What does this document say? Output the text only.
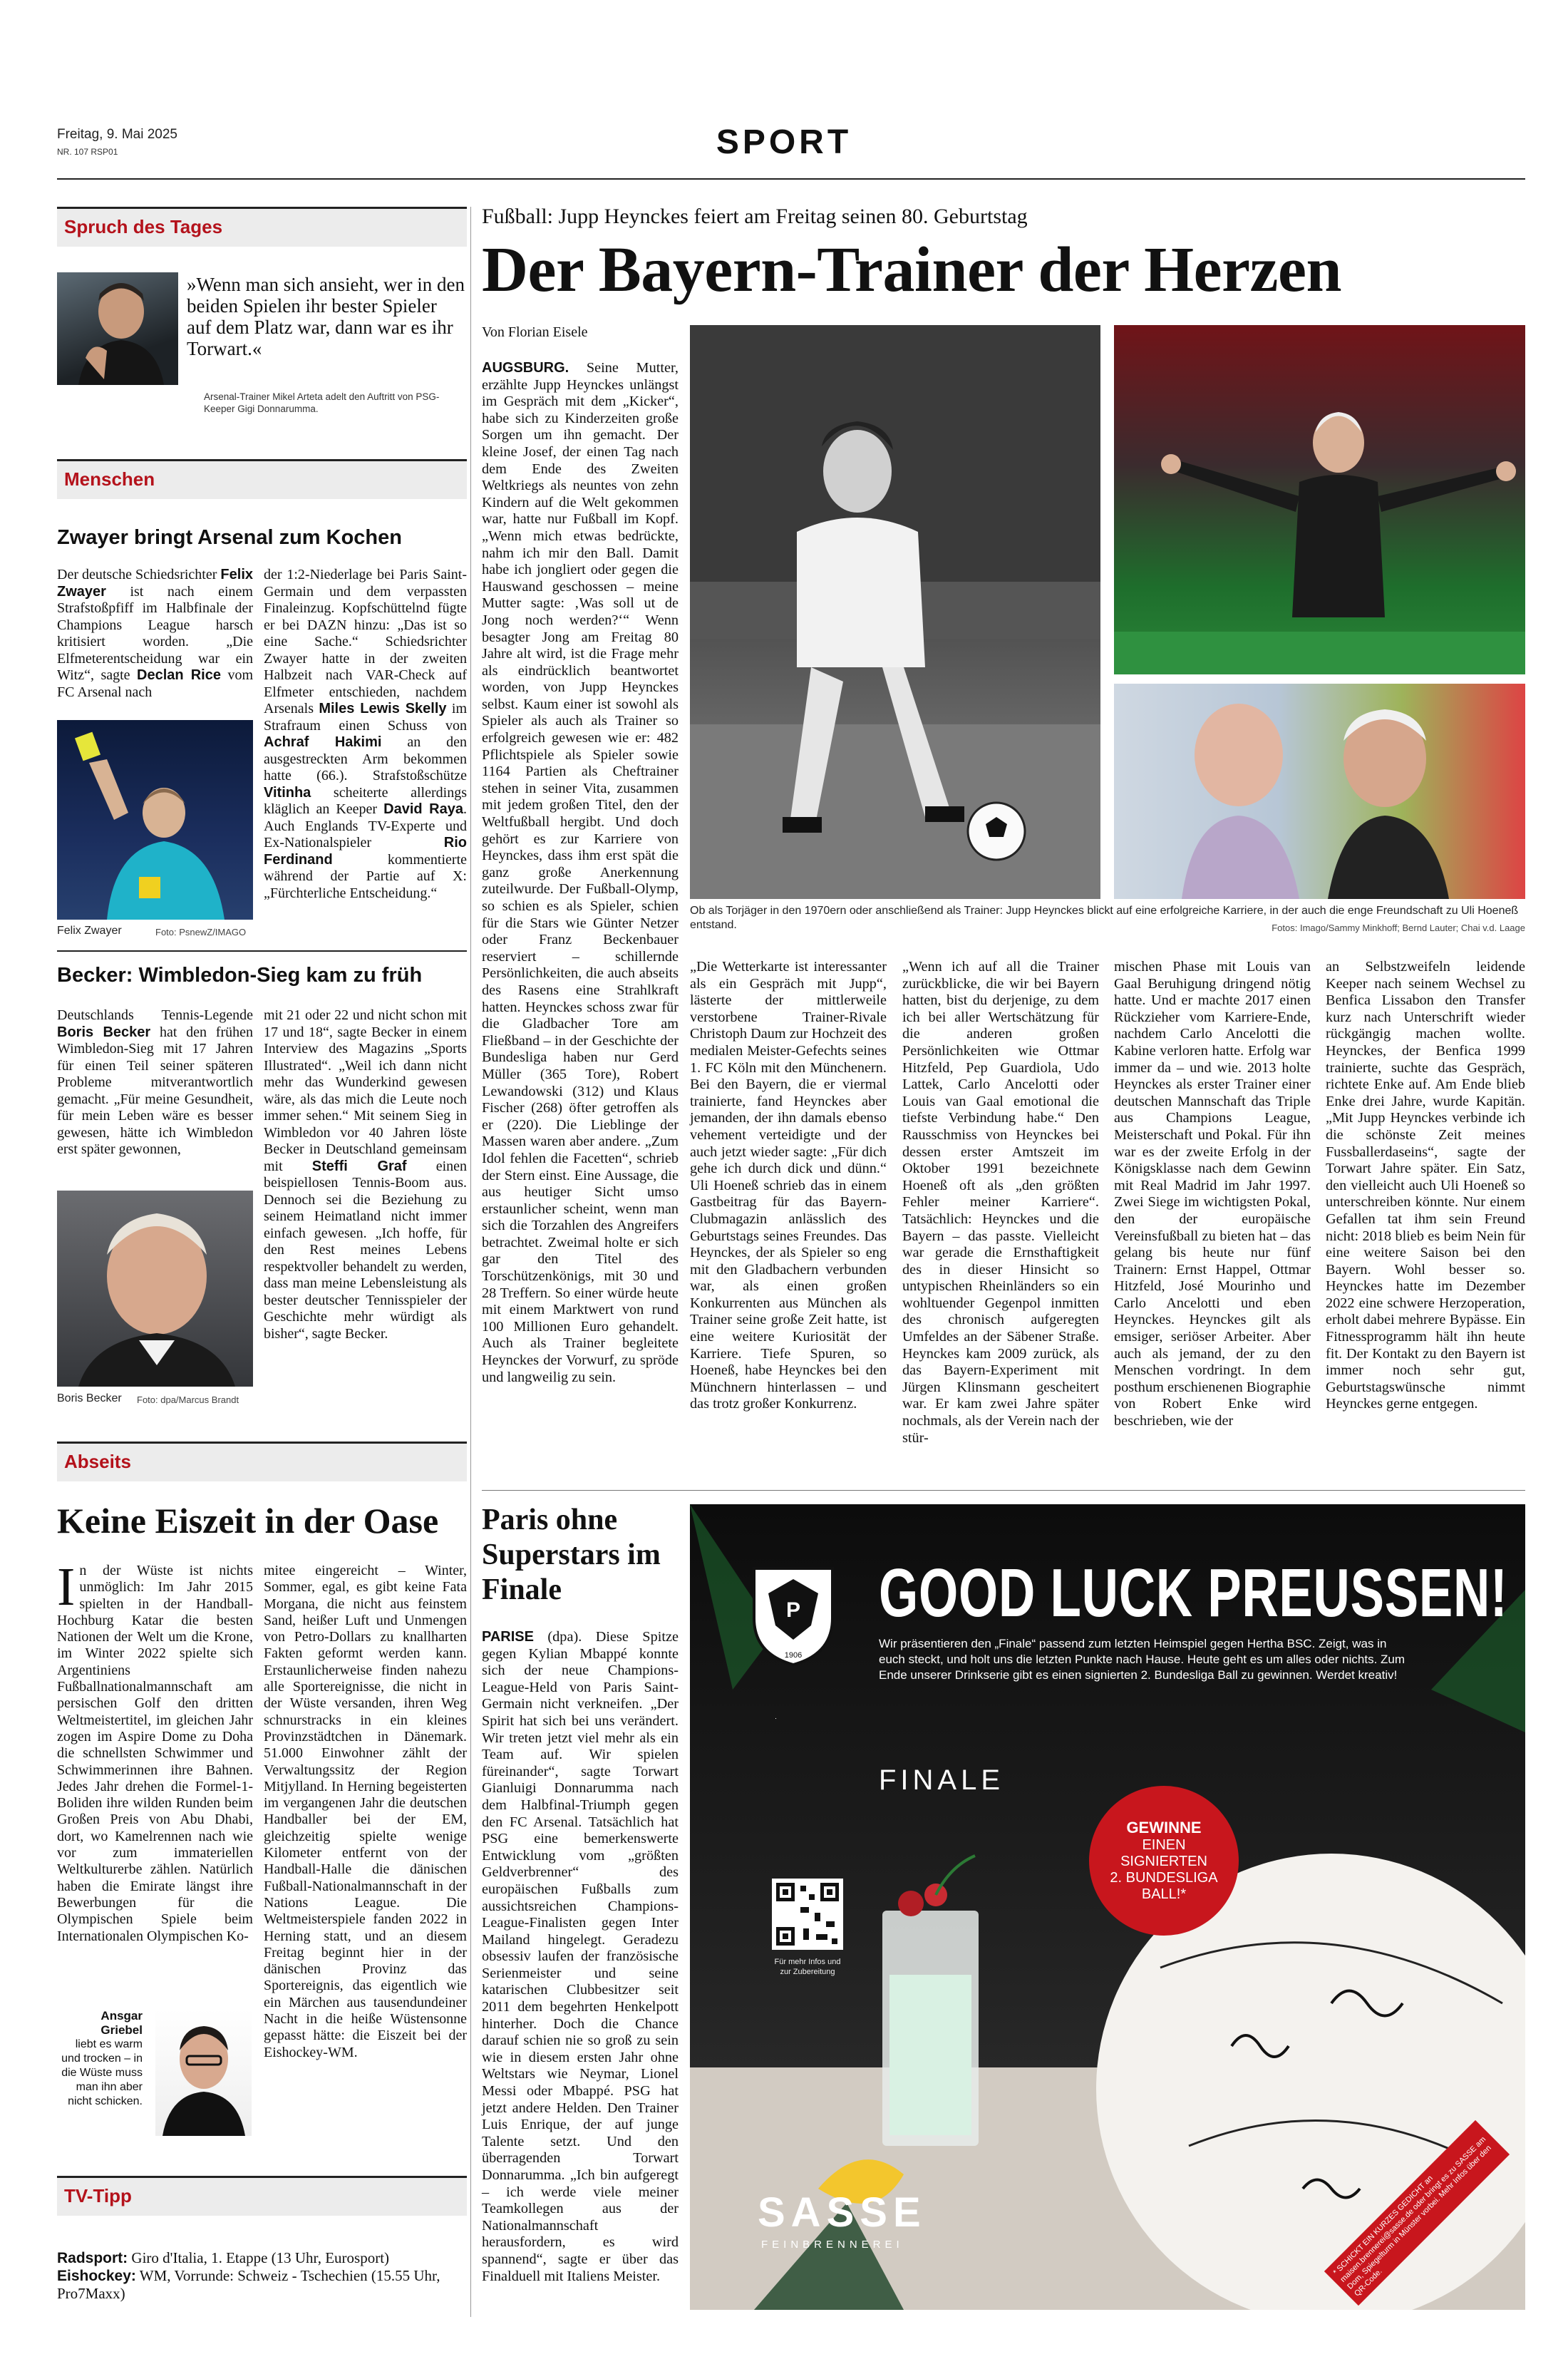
Freitag, 9. Mai 2025
NR. 107 RSP01	SPORT
Spruch des Tages
»Wenn man sich ansieht, wer in den beiden Spielen ihr bester Spieler auf dem Platz war, dann war es ihr Torwart.«
Arsenal-Trainer Mikel Arteta adelt den Auftritt von PSG-Keeper Gigi Donnarumma.
Menschen
Zwayer bringt Arsenal zum Kochen

Der deutsche Schiedsrichter Felix Zwayer ist nach einem Strafstoßpfiff im Halbfinale der Champions League harsch kritisiert worden. „Die Elfmeterentscheidung war ein Witz“, sagte Declan Rice vom FC Arsenal nach

Felix Zwayer	Foto: PsnewZ/IMAGO

der 1:2-Niederlage bei Paris Saint-Germain und dem verpassten Finaleinzug. Kopfschüttelnd fügte er bei DAZN hinzu: „Das ist so eine Sache.“ Schiedsrichter Zwayer hatte in der zweiten Halbzeit nach VAR-Check auf Elfmeter entschieden, nachdem Arsenals Miles Lewis Skelly im Strafraum einen Schuss von Achraf Hakimi an den ausgestreckten Arm bekommen hatte (66.). Strafstoßschütze Vitinha scheiterte allerdings kläglich an Keeper David Raya. Auch Englands TV-Experte und Ex-Nationalspieler Rio Ferdinand kommentierte während der Partie auf X: „Fürchterliche Entscheidung.“

Becker: Wimbledon-Sieg kam zu früh

Deutschlands Tennis-Legende Boris Becker hat den frühen Wimbledon-Sieg mit 17 Jahren für einen Teil seiner späteren Probleme mitverantwortlich gemacht. „Für meine Gesundheit, für mein Leben wäre es besser gewesen, hätte ich Wimbledon erst später gewonnen,

Boris Becker Foto: dpa/Marcus Brandt

mit 21 oder 22 und nicht schon mit 17 und 18“, sagte Becker in einem Interview des Magazins „Sports Illustrated“. „Weil ich dann nicht mehr das Wunderkind gewesen wäre, als das mich die Leute noch immer sehen.“ Mit seinem Sieg in Wimbledon vor 40 Jahren löste Becker in Deutschland gemeinsam mit Steffi Graf einen beispiellosen Tennis-Boom aus. Dennoch sei die Beziehung zu seinem Heimatland nicht immer einfach gewesen. „Ich hoffe, für den Rest meines Lebens respektvoller behandelt zu werden, dass man meine Lebensleistung als bester deutscher Tennisspieler der Geschichte mehr würdigt als bisher“, sagte Becker.

Abseits
Keine Eiszeit in der Oase
In der Wüste ist nichts unmöglich: Im Jahr 2015 spielten in der Handball-Hochburg Katar die besten Nationen der Welt um die Krone, im Winter 2022 spielte sich Argentiniens Fußballnationalmannschaft am persischen Golf den dritten Weltmeistertitel, im gleichen Jahr zogen im Aspire Dome zu Doha die schnellsten Schwimmer und Schwimmerinnen ihre Bahnen. Jedes Jahr drehen die Formel-1-Boliden ihre wilden Runden beim Großen Preis von Abu Dhabi, dort, wo Kamelrennen nach wie vor zum immateriellen Weltkulturerbe zählen. Natürlich haben die Emirate längst ihre Bewerbungen für die Olympischen Spiele beim Internationalen Olympischen Ko-

mitee eingereicht – Winter, Sommer, egal, es gibt keine Fata Morgana, die nicht aus feinstem Sand, heißer Luft und Unmengen von Petro-Dollars zu knallharten Fakten geformt werden kann. Erstaunlicherweise finden nahezu alle Sportereignisse, die nicht in der Wüste versanden, ihren Weg schnurstracks in ein kleines Provinzstädtchen in Dänemark. 51.000 Einwohner zählt der Verwaltungssitz der Region Mitjylland. In Herning begeisterten im vergangenen Jahr die deutschen Handballer bei der EM, gleichzeitig spielte wenige Kilometer entfernt von der Handball-Halle die dänischen Fußball-Nationalmannschaft in der Nations League. Die Weltmeisterspiele fanden 2022 in Herning statt, und an diesem Freitag beginnt hier in der dänischen Provinz das Sportereignis, das eigentlich wie ein Märchen aus tausendundeiner Nacht in die heiße Wüstensonne gepasst hätte: die Eiszeit bei der Eishockey-WM.

Ansgar Griebel
liebt es warm und trocken – in die Wüste muss man ihn aber nicht schicken.
TV-Tipp
Radsport: Giro d'Italia, 1. Etappe (13 Uhr, Eurosport)
Eishockey: WM, Vorrunde: Schweiz - Tschechien (15.55 Uhr, Pro7Maxx)
Fußball: Jupp Heynckes feiert am Freitag seinen 80. Geburtstag
Der Bayern-Trainer der Herzen
Von Florian Eisele

AUGSBURG. Seine Mutter, erzählte Jupp Heynckes unlängst im Gespräch mit dem „Kicker“, habe sich zu Kinderzeiten große Sorgen um ihn gemacht. Der kleine Josef, der einen Tag nach dem Ende des Zweiten Weltkriegs als neuntes von zehn Kindern auf die Welt gekommen war, hatte nur Fußball im Kopf. „Wenn mich etwas bedrückte, nahm ich mir den Ball. Damit habe ich jongliert oder gegen die Hauswand geschossen – meine Mutter sagte: ‚Was soll ut de Jong noch werden?‘“ Wenn besagter Jong am Freitag 80 Jahre alt wird, ist die Frage mehr als eindrücklich beantwortet worden, von Jupp Heynckes selbst. Kaum einer ist sowohl als Spieler als auch als Trainer so erfolgreich gewesen wie er: 482 Pflichtspiele als Spieler sowie 1164 Partien als Cheftrainer stehen in seiner Vita, zusammen mit jedem großen Titel, den der Weltfußball hergibt. Und doch gehört es zur Karriere von Heynckes, dass ihm erst spät die ganz große Anerkennung zuteilwurde. Der Fußball-Olymp, so schien es als Spieler, schien für die Stars wie Günter Netzer oder Franz Beckenbauer reserviert – schillernde Persönlichkeiten, die auch abseits des Rasens eine Strahlkraft hatten. Heynckes schoss zwar für die Gladbacher Tore am Fließband – in der Geschichte der Bundesliga haben nur Gerd Müller (365 Tore), Robert Lewandowski (312) und Klaus Fischer (268) öfter getroffen als er (220). Die Lieblinge der Massen waren aber andere. „Zum Idol fehlen die Facetten“, schrieb der Stern einst. Eine Aussage, die aus heutiger Sicht umso erstaunlicher scheint, wenn man sich die Torzahlen des Angreifers betrachtet. Zweimal holte er sich gar den Titel des Torschützenkönigs, mit 30 und 28 Treffern. So einer würde heute mit einem Marktwert von rund 100 Millionen Euro gehandelt. Auch als Trainer begleitete Heynckes der Vorwurf, zu spröde und langweilig zu sein.

Ob als Torjäger in den 1970ern oder anschließend als Trainer: Jupp Heynckes blickt auf eine erfolgreiche Karriere, in der auch die enge Freundschaft zu Uli Hoeneß entstand.	Fotos: Imago/Sammy Minkhoff; Bernd Lauter; Chai v.d. Laage

„Die Wetterkarte ist interessanter als ein Gespräch mit Jupp“, lästerte der mittlerweile verstorbene Trainer-Rivale Christoph Daum zur Hochzeit des medialen Meister-Gefechts seines 1. FC Köln mit den Münchenern. Bei den Bayern, die er viermal trainierte, fand Heynckes aber jemanden, der ihn damals ebenso vehement verteidigte und der auch jetzt wieder sagte: „Für dich gehe ich durch dick und dünn.“ Uli Hoeneß schrieb das in einem Gastbeitrag für das Bayern-Clubmagazin anlässlich des Geburtstags seines Freundes. Das Heynckes, der als Spieler so eng mit den Gladbachern verbunden war, als einen großen Konkurrenten aus München als Trainer seine große Zeit hatte, ist eine weitere Kuriosität der Karriere. Tiefe Spuren, so Hoeneß, habe Heynckes bei den Münchnern hinterlassen – und das trotz großer Konkurrenz.

„Wenn ich auf all die Trainer zurückblicke, die wir bei Bayern hatten, bist du derjenige, zu dem ich bei aller Wertschätzung für die anderen großen Persönlichkeiten wie Ottmar Hitzfeld, Pep Guardiola, Udo Lattek, Carlo Ancelotti oder Louis van Gaal emotional die tiefste Verbindung habe.“ Den Rausschmiss von Heynckes bei dessen erster Amtszeit im Oktober 1991 bezeichnete Hoeneß oft als „den größten Fehler meiner Karriere“. Tatsächlich: Heynckes und die Bayern – das passte. Vielleicht war gerade die Ernsthaftigkeit des in dieser Hinsicht so untypischen Rheinländers so ein wohltuender Gegenpol inmitten des chronisch aufgeregten Umfeldes an der Säbener Straße. Heynckes kam 2009 zurück, als das Bayern-Experiment mit Jürgen Klinsmann gescheitert war. Er kam zwei Jahre später nochmals, als der Verein nach der stür-

mischen Phase mit Louis van Gaal Beruhigung dringend nötig hatte. Und er machte 2017 einen Rückzieher vom Karriere-Ende, nachdem Carlo Ancelotti die Kabine verloren hatte. Erfolg war immer da – und wie. 2013 holte Heynckes als erster Trainer einer deutschen Mannschaft das Triple aus Champions League, Meisterschaft und Pokal. Für ihn war es der zweite Erfolg in der Königsklasse nach dem Gewinn mit Real Madrid im Jahr 1997. Zwei Siege im wichtigsten Pokal, den der europäische Vereinsfußball zu bieten hat – das gelang bis heute nur fünf Trainern: Ernst Happel, Ottmar Hitzfeld, José Mourinho und Carlo Ancelotti und eben Heynckes. Heynckes gilt als emsiger, seriöser Arbeiter. Aber auch als jemand, der zu den Menschen vordringt. In dem posthum erschienenen Biographie von Robert Enke wird beschrieben, wie der

an Selbstzweifeln leidende Keeper nach seinem Wechsel zu Benfica Lissabon den Transfer kurz nach Unterschrift wieder rückgängig machen wollte. Heynckes, der Benfica 1999 trainierte, suchte das Gespräch, richtete Enke auf. Am Ende blieb Enke drei Jahre, wurde Kapitän. „Mit Jupp Heynckes verbinde ich die schönste Zeit meines Fussballerdaseins“, sagte der Torwart Jahre später. Ein Satz, den vielleicht auch Uli Hoeneß so unterschreiben könnte. Nur einem Gefallen tat ihm sein Freund nicht: 2018 blieb es beim Nein für eine weitere Saison bei den Bayern. Wohl besser so. Heynckes hatte im Dezember 2022 eine schwere Herzoperation, erholt dabei mehrere Bypässe. Ein Fitnessprogramm hält ihn heute fit. Der Kontakt zu den Bayern ist immer noch sehr gut, Geburtstagswünsche nimmt Heynckes gerne entgegen.

Paris ohne Superstars im Finale

PARISE (dpa). Diese Spitze gegen Kylian Mbappé konnte sich der neue Champions-League-Held von Paris Saint-Germain nicht verkneifen. „Der Spirit hat sich bei uns verändert. Wir treten jetzt viel mehr als ein Team auf. Wir spielen füreinander“, sagte Torwart Gianluigi Donnarumma nach dem Halbfinal-Triumph gegen den FC Arsenal. Tatsächlich hat PSG eine bemerkenswerte Entwicklung vom „größten Geldverbrenner“ des europäischen Fußballs zum aussichtsreichen Champions-League-Finalisten gegen Inter Mailand hingelegt. Geradezu obsessiv laufen der französische Serienmeister und seine katarischen Clubbesitzer seit 2011 dem begehrten Henkelpott hinterher. Doch die Chance darauf schien nie so groß zu sein wie in diesem ersten Jahr ohne Weltstars wie Neymar, Lionel Messi oder Mbappé. PSG hat jetzt andere Helden. Den Trainer Luis Enrique, der auf junge Talente setzt. Und den überragenden Torwart Donnarumma. „Ich bin aufgeregt – ich werde viele meiner Teamkollegen aus der Nationalmannschaft herausfordern, es wird spannend“, sagte er über das Finalduell mit Italiens Meister.

P
1906
GOOD LUCK PREUSSEN!
Wir präsentieren den „Finale“ passend zum letzten Heimspiel gegen Hertha BSC. Zeigt, was in euch steckt, und holt uns die letzten Punkte nach Hause. Heute geht es um alles oder nichts. Zum Ende unserer Drinkserie gibt es einen signierten 2. Bundesliga Ball zu gewinnen. Werdet kreativ!
FINALE
Für mehr Infos und zur Zubereitung
GEWINNE
EINEN
SIGNIERTEN
2. BUNDESLIGA
BALL!*
SASSE
FEINBRENNEREI	* SCHICKT EIN KURZES GEDICHT an maisen.brennerei@sasse.de oder bringt es zu SASSE am Dom, Spiegelturm in Münster vorbei. Mehr Infos über den QR-Code.
